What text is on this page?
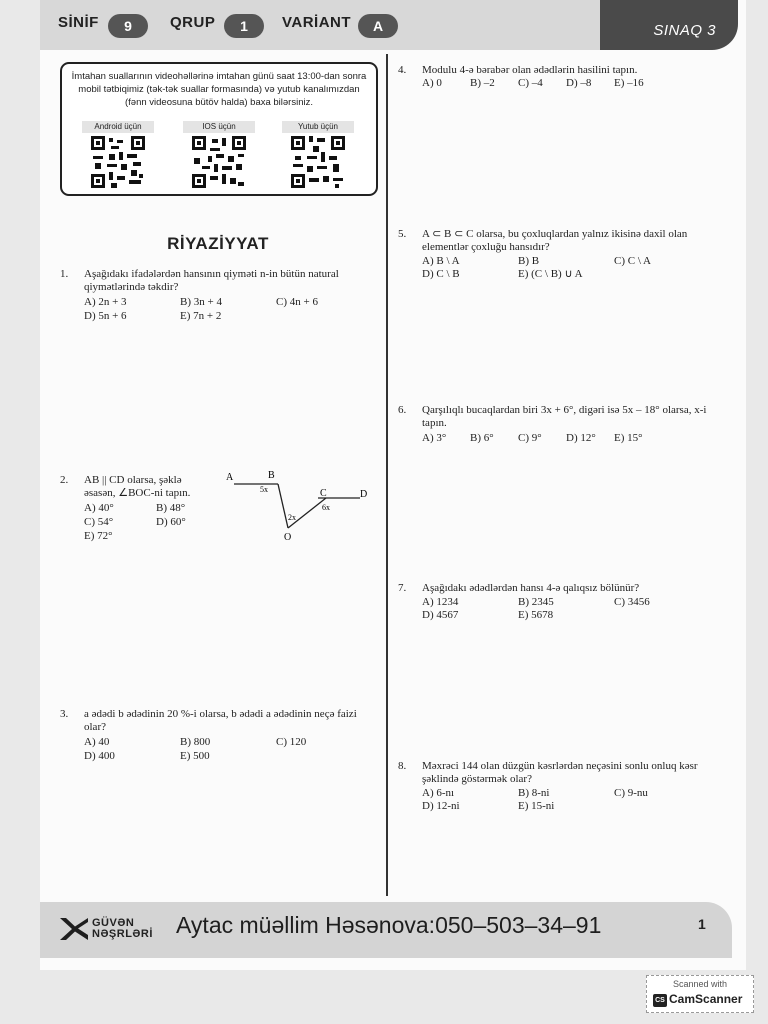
SİNİF	9	QRUP	1	VARİANT	A	SINAQ 3
İmtahan suallarının videohəllərinə imtahan günü saat 13:00-dan sonra mobil tətbiqimiz (tək-tək suallar formasında) və yutub kanalımızdan (fənn videosuna bütöv halda) baxa bilərsiniz.
Android üçün	IOS üçün	Yutub üçün
RİYAZİYYAT
1. Aşağıdakı ifadələrdən hansının qiyməti n-in bütün natural qiymətlərində təkdir?
A) 2n + 3	B) 3n + 4	C) 4n + 6
D) 5n + 6	E) 7n + 2
2. AB || CD olarsa, şəklə əsasən, ∠BOC-ni tapın.
A) 40°	B) 48°
C) 54°	D) 60°
E) 72°
A	B
C	D
O
5x
2x
6x
3. a ədədi b ədədinin 20 %-i olarsa, b ədədi a ədədinin neçə faizi olar?
A) 40	B) 800	C) 120
D) 400	E) 500
4. Modulu 4-ə bərabər olan ədədlərin hasilini tapın.
A) 0	B) –2 C) –4 D) –8 E) –16
5. A ⊂ B ⊂ C olarsa, bu çoxluqlardan yalnız ikisinə daxil olan elementlər çoxluğu hansıdır?
A) B \ A	B) B	C) C \ A
D) C \ B	E) (C \ B) ∪ A
6. Qarşılıqlı bucaqlardan biri 3x + 6°, digəri isə 5x – 18° olarsa, x-i tapın.
A) 3° B) 6° C) 9° D) 12° E) 15°
7. Aşağıdakı ədədlərdən hansı 4-ə qalıqsız bölünür?
A) 1234	B) 2345	C) 3456
D) 4567	E) 5678
8. Məxrəci 144 olan düzgün kəsrlərdən neçəsini sonlu onluq kəsr şəklində göstərmək olar?
A) 6-nı	B) 8-ni	C) 9-nu
D) 12-ni	E) 15-ni
GÜVƏN
NƏŞRLƏRİ Aytac müəllim Həsənova:050–503–34–91	1
Scanned with
CS CamScanner
